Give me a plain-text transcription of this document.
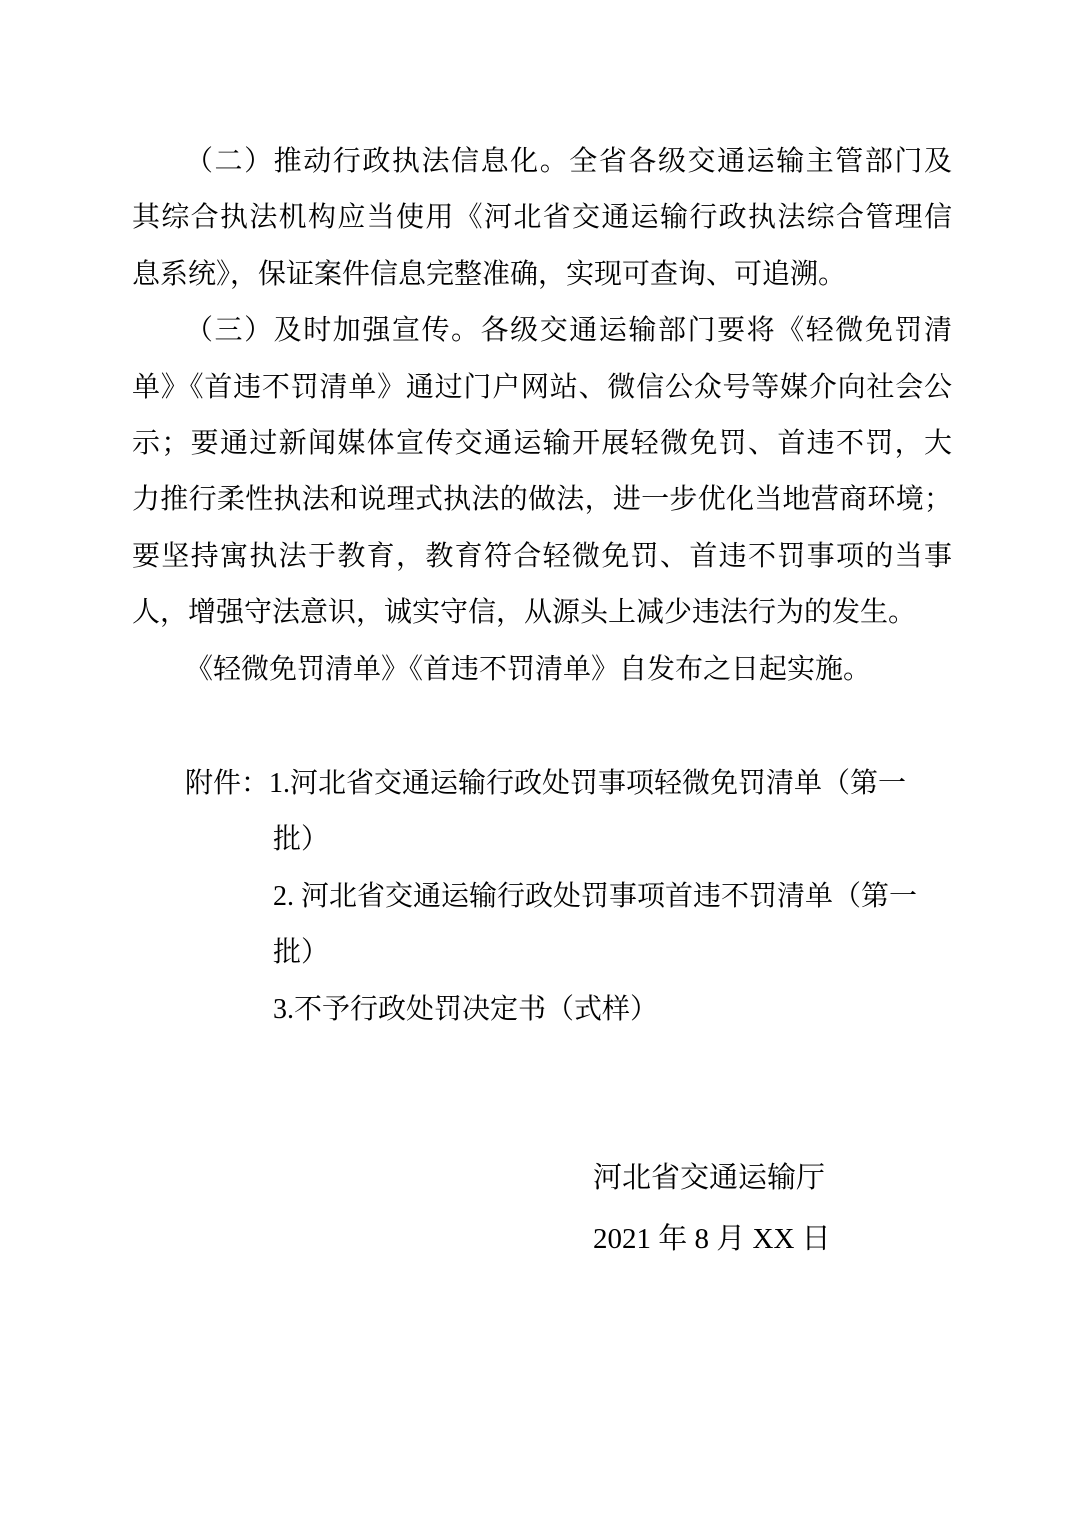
（二）推动行政执法信息化。全省各级交通运输主管部门及
其综合执法机构应当使用《河北省交通运输行政执法综合管理信
息系统》，保证案件信息完整准确，实现可查询、可追溯。
（三）及时加强宣传。各级交通运输部门要将《轻微免罚清
单》《首违不罚清单》通过门户网站、微信公众号等媒介向社会公
示；要通过新闻媒体宣传交通运输开展轻微免罚、首违不罚，大
力推行柔性执法和说理式执法的做法，进一步优化当地营商环境；
要坚持寓执法于教育，教育符合轻微免罚、首违不罚事项的当事
人，增强守法意识，诚实守信，从源头上减少违法行为的发生。
《轻微免罚清单》《首违不罚清单》自发布之日起实施。
附件：1.河北省交通运输行政处罚事项轻微免罚清单（第一
批）
2. 河北省交通运输行政处罚事项首违不罚清单（第一
批）
3.不予行政处罚决定书（式样）
河北省交通运输厅
2021 年 8 月 XX 日
